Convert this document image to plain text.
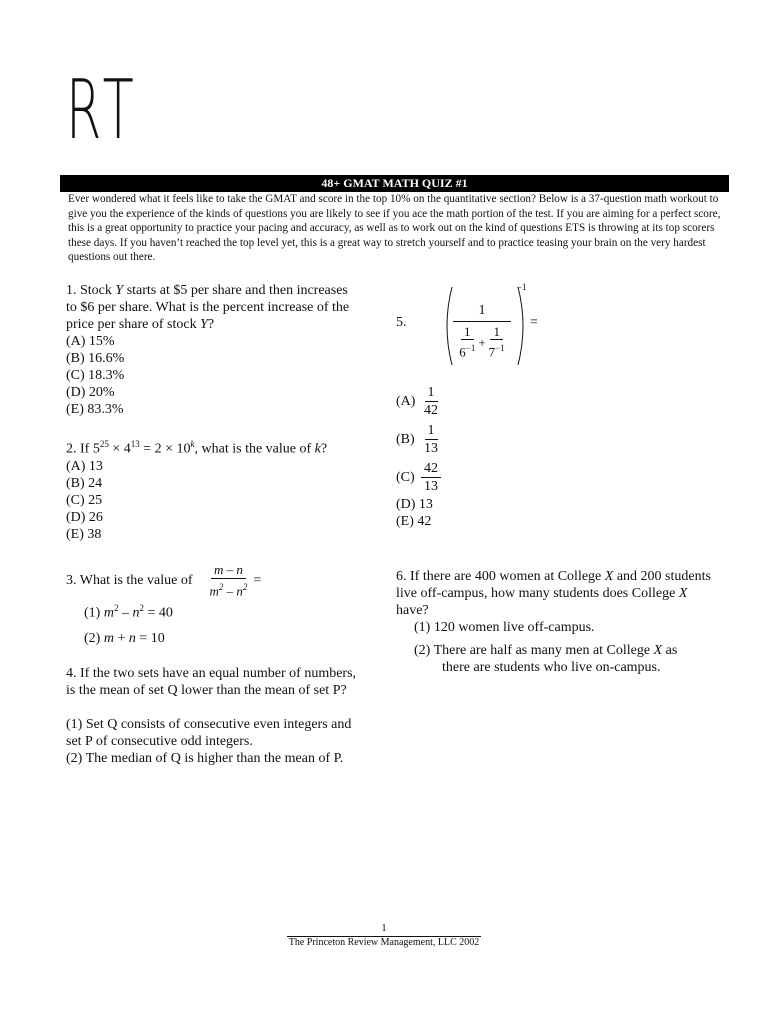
RT
48+ GMAT MATH QUIZ #1
Ever wondered what it feels like to take the GMAT and score in the top 10% on the quantitative section? Below is a 37-question math workout to give you the experience of the kinds of questions you are likely to see if you ace the math portion of the test. If you are aiming for a perfect score, this is a great opportunity to practice your pacing and accuracy, as well as to work out on the kind of questions ETS is throwing at its top scorers these days. If you haven’t reached the top level yet, this is a great way to stretch yourself and to practice teasing your brain on the very hardest questions out there.

1. Stock Y starts at $5 per share and then increases to $6 per share. What is the percent increase of the price per share of stock Y?

(A) 15%
(B) 16.6%
(C) 18.3%
(D) 20%
(E) 83.3%

2. If $5^{25} \times 4^{13} = 2 \times 10^k$, what is the value of k?

(A) 13
(B) 24
(C) 25
(D) 26
(E) 38
3. What is the value of $\frac{m - n}{m^2 - n^2}$ =

(1) $m^2 - n^2 = 40$

(2) m + n = 10

4. If the two sets have an equal number of numbers, is the mean of set Q lower than the mean of set P?

(1) Set Q consists of consecutive even integers and set P of consecutive odd integers.

(2) The median of Q is higher than the mean of P.

5.
−1
1
$\frac{1}{6^{-1}} + \frac{1}{7^{-1}}$
=
$(A) \frac{1}{42}$
$(B) \frac{1}{13}$
$(C) \frac{42}{13}$
(D) 13
(E) 42

6. If there are 400 women at College X and 200 students live off-campus, how many students does College X have?

(1) 120 women live off-campus.

(2) There are half as many men at College X as

there are students who live on-campus.

1
The Princeton Review Management, LLC 2002
